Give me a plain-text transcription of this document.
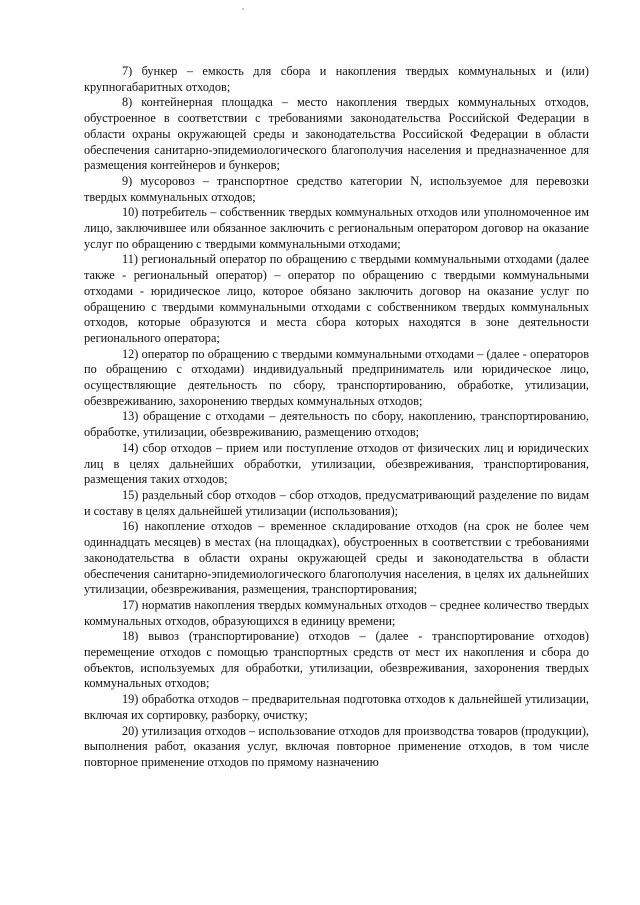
7) бункер – емкость для сбора и накопления твердых коммунальных и (или) крупногабаритных отходов;

8) контейнерная площадка – место накопления твердых коммунальных отходов, обустроенное в соответствии с требованиями законодательства Российской Федерации в области охраны окружающей среды и законодательства Российской Федерации в области обеспечения санитарно-эпидемиологического благополучия населения и предназначенное для размещения контейнеров и бункеров;

9) мусоровоз – транспортное средство категории N, используемое для перевозки твердых коммунальных отходов;

10) потребитель – собственник твердых коммунальных отходов или уполномоченное им лицо, заключившее или обязанное заключить с региональным оператором договор на оказание услуг по обращению с твердыми коммунальными отходами;

11) региональный оператор по обращению с твердыми коммунальными отходами (далее также - региональный оператор) – оператор по обращению с твердыми коммунальными отходами - юридическое лицо, которое обязано заключить договор на оказание услуг по обращению с твердыми коммунальными отходами с собственником твердых коммунальных отходов, которые образуются и места сбора которых находятся в зоне деятельности регионального оператора;

12) оператор по обращению с твердыми коммунальными отходами – (далее - операторов по обращению с отходами) индивидуальный предприниматель или юридическое лицо, осуществляющие деятельность по сбору, транспортированию, обработке, утилизации, обезвреживанию, захоронению твердых коммунальных отходов;

13) обращение с отходами – деятельность по сбору, накоплению, транспортированию, обработке, утилизации, обезвреживанию, размещению отходов;

14) сбор отходов – прием или поступление отходов от физических лиц и юридических лиц в целях дальнейших обработки, утилизации, обезвреживания, транспортирования, размещения таких отходов;

15) раздельный сбор отходов – сбор отходов, предусматривающий разделение по видам и составу в целях дальнейшей утилизации (использования);

16) накопление отходов – временное складирование отходов (на срок не более чем одиннадцать месяцев) в местах (на площадках), обустроенных в соответствии с требованиями законодательства в области охраны окружающей среды и законодательства в области обеспечения санитарно-эпидемиологического благополучия населения, в целях их дальнейших утилизации, обезвреживания, размещения, транспортирования;

17) норматив накопления твердых коммунальных отходов – среднее количество твердых коммунальных отходов, образующихся в единицу времени;

18) вывоз (транспортирование) отходов – (далее - транспортирование отходов) перемещение отходов с помощью транспортных средств от мест их накопления и сбора до объектов, используемых для обработки, утилизации, обезвреживания, захоронения твердых коммунальных отходов;

19) обработка отходов – предварительная подготовка отходов к дальнейшей утилизации, включая их сортировку, разборку, очистку;

20) утилизация отходов – использование отходов для производства товаров (продукции), выполнения работ, оказания услуг, включая повторное применение отходов, в том числе повторное применение отходов по прямому назначению
